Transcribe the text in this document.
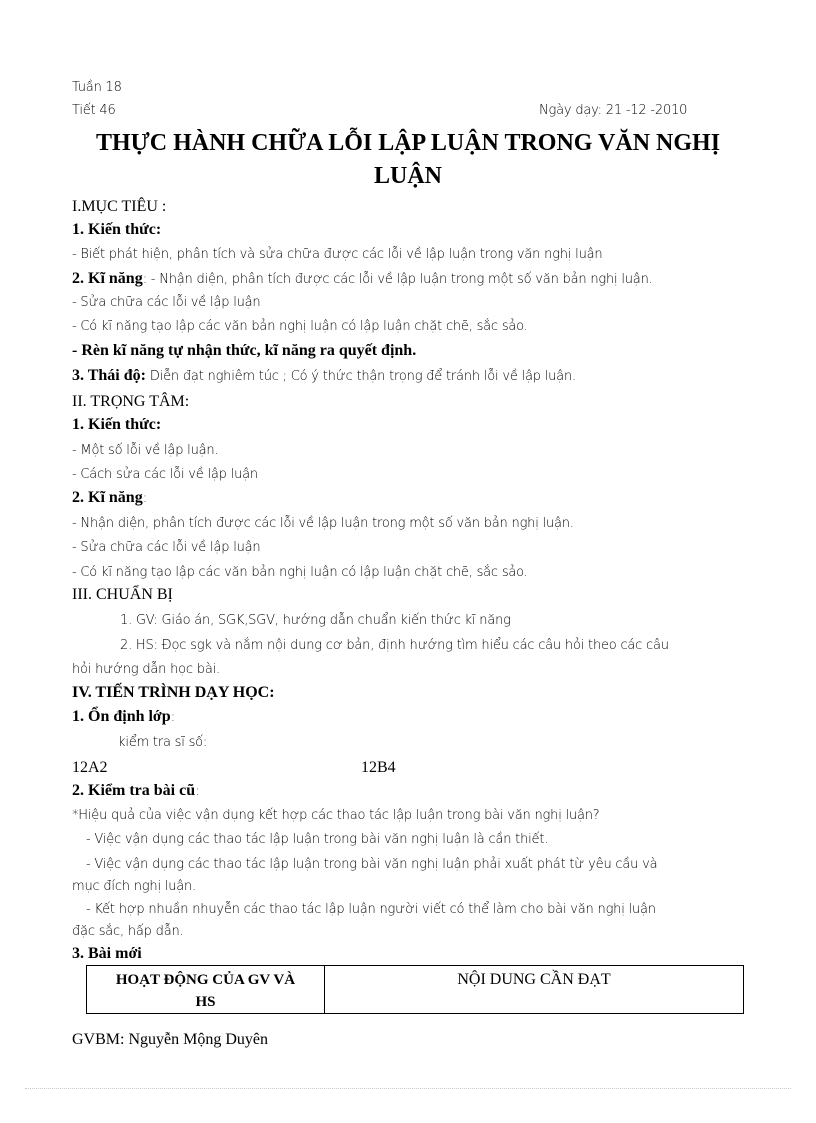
Tuần 18
Tiết 46	Ngày dạy: 21 -12 -2010
THỰC HÀNH CHỮA LỖI LẬP LUẬN TRONG VĂN NGHỊ
LUẬN
I.MỤC TIÊU :
1. Kiến thức:
- Biết phát hiện, phân tích và sửa chữa được các lỗi về lập luận trong văn nghị luận
2. Kĩ năng: - Nhận diện, phân tích được các lỗi về lập luận trong một số văn bản nghị luận.
- Sửa chữa các lỗi về lập luận
- Có kĩ năng tạo lập các văn bản nghị luận có lập luận chặt chẽ, sắc sảo.
- Rèn kĩ năng tự nhận thức, kĩ năng ra quyết định.
3. Thái độ: Diễn đạt nghiêm túc ; Có ý thức thận trọng để tránh lỗi về lập luận.
II. TRỌNG TÂM:
1. Kiến thức:
- Một số lỗi về lập luận.
- Cách sửa các lỗi về lập luận
2. Kĩ năng:
- Nhận diện, phân tích được các lỗi về lập luận trong một số văn bản nghị luận.
- Sửa chữa các lỗi về lập luận
- Có kĩ năng tạo lập các văn bản nghị luận có lập luận chặt chẽ, sắc sảo.
III. CHUẨN BỊ
1. GV: Giáo án, SGK,SGV, hướng dẫn chuẩn kiến thức kĩ năng
2. HS: Đọc sgk và nắm nội dung cơ bản, định hướng tìm hiểu các câu hỏi theo các câu
hỏi hướng dẫn học bài.
IV. TIẾN TRÌNH DẠY HỌC:
1. Ổn định lớp:
kiểm tra sĩ số:
12A2	12B4
2. Kiểm tra bài cũ:
*Hiệu quả của việc vận dụng kết hợp các thao tác lập luận trong bài văn nghị luận?
- Việc vận dụng các thao tác lập luận trong bài văn nghị luận là cần thiết.
- Việc vận dụng các thao tác lập luận trong bài văn nghị luận phải xuất phát từ yêu cầu và
mục đích nghị luận.
- Kết hợp nhuần nhuyễn các thao tác lập luận người viết có thể làm cho bài văn nghị luận
đặc sắc, hấp dẫn.
3. Bài mới
HOẠT ĐỘNG CỦA GV VÀ
HS
NỘI DUNG CẦN ĐẠT
GVBM: Nguyễn Mộng Duyên
